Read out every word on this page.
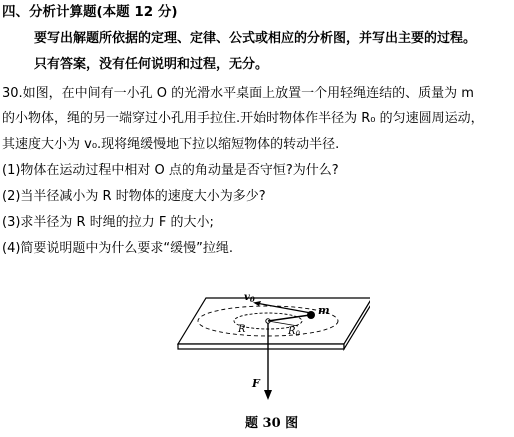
四、分析计算题(本题 12 分)
要写出解题所依据的定理、定律、公式或相应的分析图，并写出主要的过程。
只有答案，没有任何说明和过程，无分。
30.如图，在中间有一小孔 O 的光滑水平桌面上放置一个用轻绳连结的、质量为 m
的小物体，绳的另一端穿过小孔用手拉住.开始时物体作半径为 R₀ 的匀速圆周运动，
其速度大小为 v₀.现将绳缓慢地下拉以缩短物体的转动半径.
(1)物体在运动过程中相对 O 点的角动量是否守恒?为什么?
(2)当半径减小为 R 时物体的速度大小为多少?
(3)求半径为 R 时绳的拉力 F 的大小;
(4)简要说明题中为什么要求“缓慢”拉绳.
$v_0$
m
R	$R_0$
F
题 30 图
